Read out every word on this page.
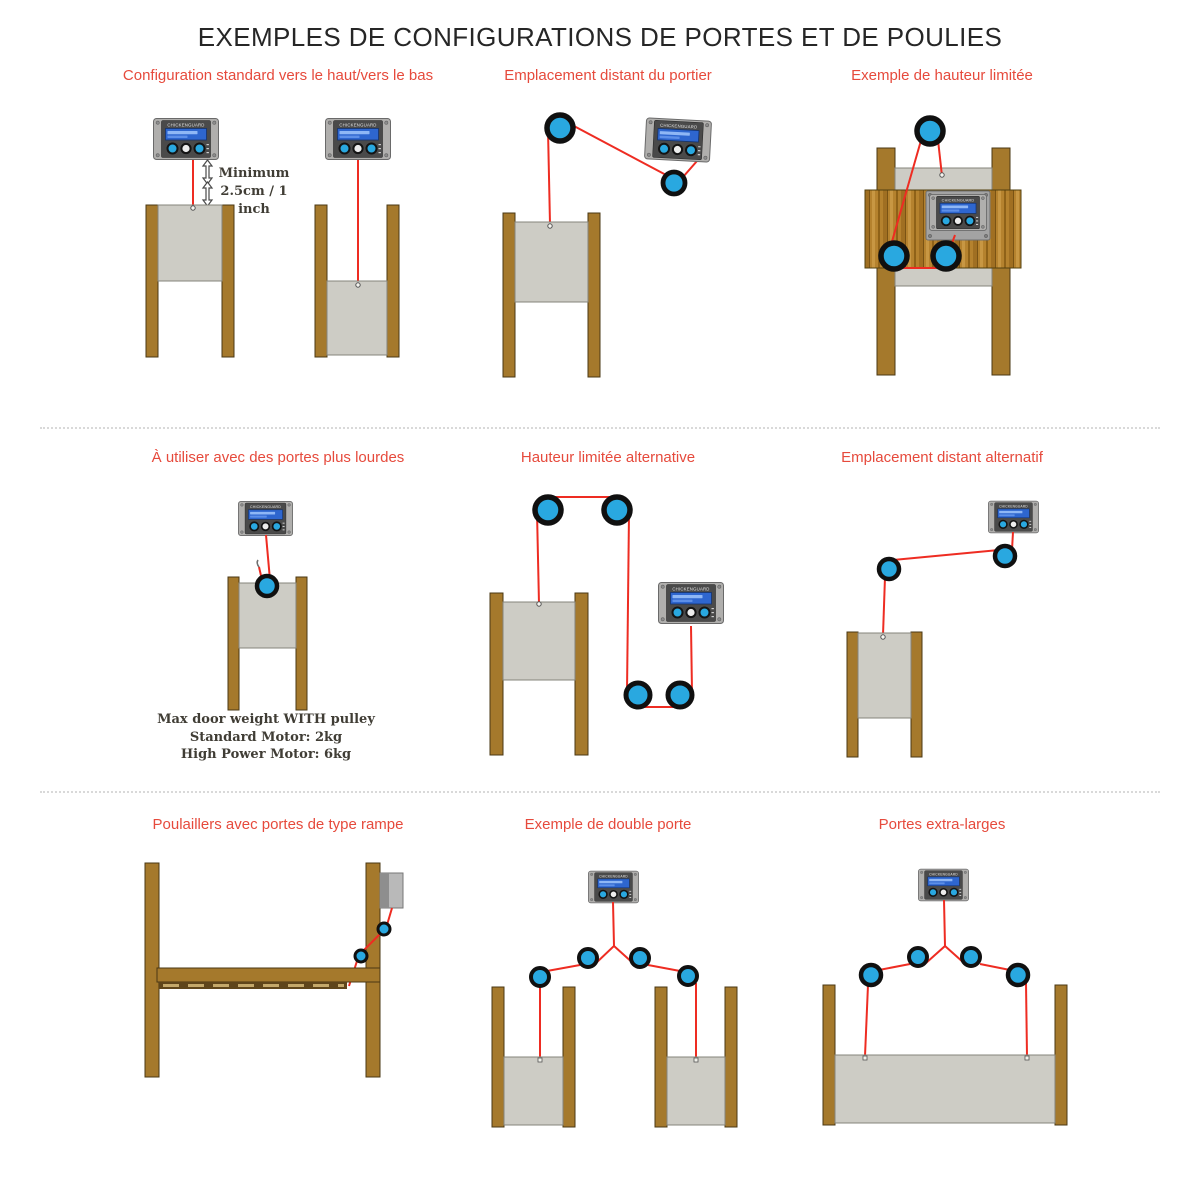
EXEMPLES DE CONFIGURATIONS DE PORTES ET DE POULIES
Configuration standard vers le haut/vers le bas	Emplacement distant du portier	Exemple de hauteur limitée
À utiliser avec des portes plus lourdes	Hauteur limitée alternative	Emplacement distant alternatif
Poulaillers avec portes de type rampe	Exemple de double porte	Portes extra-larges
CHICKENGUARD
Minimum
2.5cm / 1 inch
Max door weight WITH pulley
Standard Motor: 2kg
High Power Motor: 6kg
